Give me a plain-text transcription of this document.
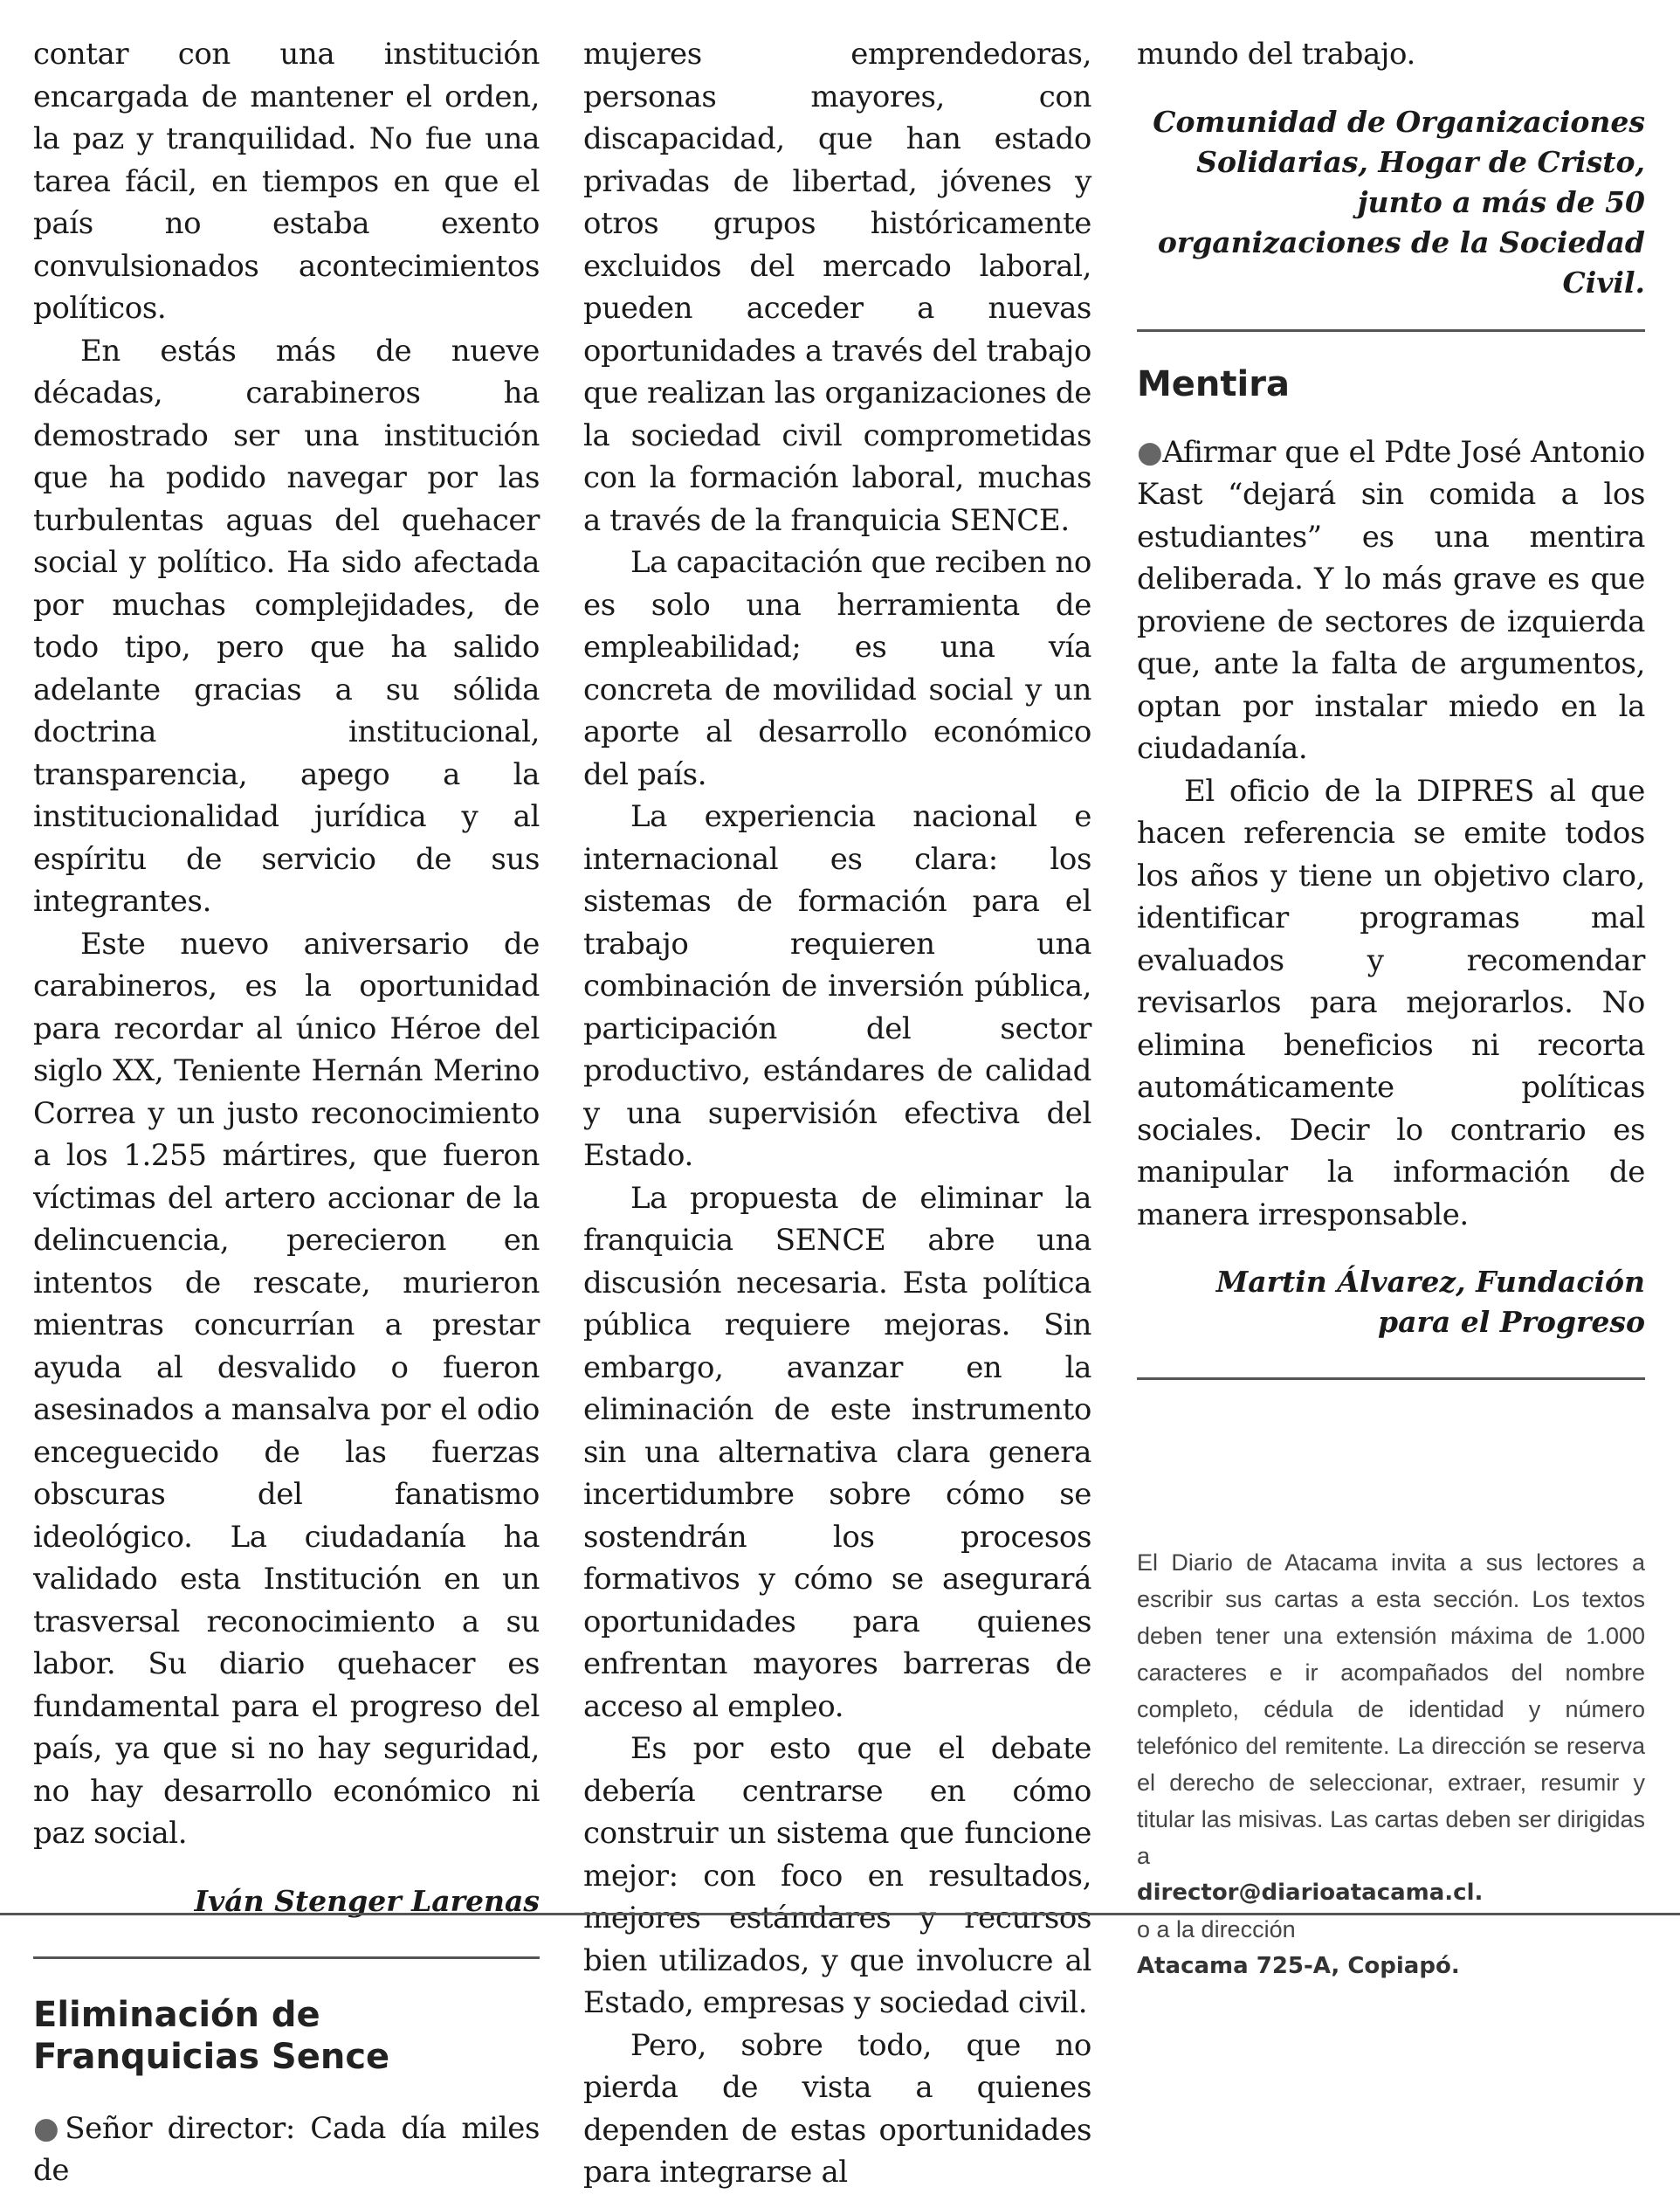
contar con una institución encargada de mantener el orden, la paz y tranquilidad. No fue una tarea fácil, en tiempos en que el país no estaba exento convulsionados acontecimientos políticos.

En estás más de nueve décadas, carabineros ha demostrado ser una institución que ha podido navegar por las turbulentas aguas del quehacer social y político. Ha sido afectada por muchas complejidades, de todo tipo, pero que ha salido adelante gracias a su sólida doctrina institucional, transparencia, apego a la institucionalidad jurídica y al espíritu de servicio de sus integrantes.

Este nuevo aniversario de carabineros, es la oportunidad para recordar al único Héroe del siglo XX, Teniente Hernán Merino Correa y un justo reconocimiento a los 1.255 mártires, que fueron víctimas del artero accionar de la delincuencia, perecieron en intentos de rescate, murieron mientras concurrían a prestar ayuda al desvalido o fueron asesinados a mansalva por el odio enceguecido de las fuerzas obscuras del fanatismo ideológico. La ciudadanía ha validado esta Institución en un trasversal reconocimiento a su labor. Su diario quehacer es fundamental para el progreso del país, ya que si no hay seguridad, no hay desarrollo económico ni paz social.

Iván Stenger Larenas

Eliminación de Franquicias Sence

●Señor director: Cada día miles de

mujeres emprendedoras, personas mayores, con discapacidad, que han estado privadas de libertad, jóvenes y otros grupos históricamente excluidos del mercado laboral, pueden acceder a nuevas oportunidades a través del trabajo que realizan las organizaciones de la sociedad civil comprometidas con la formación laboral, muchas a través de la franquicia SENCE.

La capacitación que reciben no es solo una herramienta de empleabilidad; es una vía concreta de movilidad social y un aporte al desarrollo económico del país.

La experiencia nacional e internacional es clara: los sistemas de formación para el trabajo requieren una combinación de inversión pública, participación del sector productivo, estándares de calidad y una supervisión efectiva del Estado.

La propuesta de eliminar la franquicia SENCE abre una discusión necesaria. Esta política pública requiere mejoras. Sin embargo, avanzar en la eliminación de este instrumento sin una alternativa clara genera incertidumbre sobre cómo se sostendrán los procesos formativos y cómo se asegurará oportunidades para quienes enfrentan mayores barreras de acceso al empleo.

Es por esto que el debate debería centrarse en cómo construir un sistema que funcione mejor: con foco en resultados, mejores estándares y recursos bien utilizados, y que involucre al Estado, empresas y sociedad civil.

Pero, sobre todo, que no pierda de vista a quienes dependen de estas oportunidades para integrarse al

mundo del trabajo.

Comunidad de Organizaciones Solidarias, Hogar de Cristo, junto a más de 50 organizaciones de la Sociedad Civil.

Mentira

●Afirmar que el Pdte José Antonio Kast “dejará sin comida a los estudiantes” es una mentira deliberada. Y lo más grave es que proviene de sectores de izquierda que, ante la falta de argumentos, optan por instalar miedo en la ciudadanía.

El oficio de la DIPRES al que hacen referencia se emite todos los años y tiene un objetivo claro, identificar programas mal evaluados y recomendar revisarlos para mejorarlos. No elimina beneficios ni recorta automáticamente políticas sociales. Decir lo contrario es manipular la información de manera irresponsable.

Martin Álvarez, Fundación para el Progreso

El Diario de Atacama invita a sus lectores a escribir sus cartas a esta sección. Los textos deben tener una extensión máxima de 1.000 caracteres e ir acompañados del nombre completo, cédula de identidad y número telefónico del remitente. La dirección se reserva el derecho de seleccionar, extraer, resumir y titular las misivas. Las cartas deben ser dirigidas a

director@diarioatacama.cl.

o a la dirección

Atacama 725-A, Copiapó.
